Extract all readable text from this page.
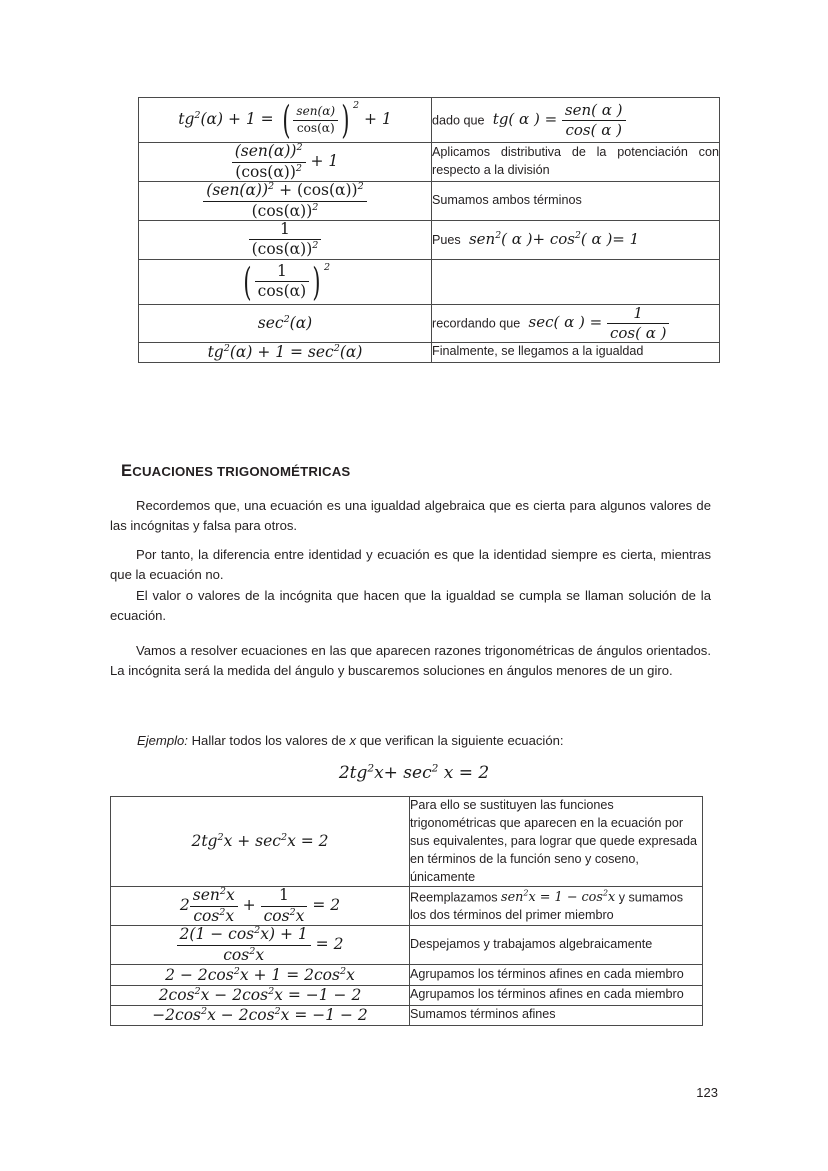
$tg^2(\alpha) + 1$ = ( $\frac{\text{sen(α)}}{\cos(\alpha)}$ ) $^2$ + 1	dado que  tg( α ) = $\frac{\text{sen( α )}}{\cos( \alpha )}$

$\frac{(sen(\alpha))^2}{(\cos(\alpha))^2} + 1$	Aplicamos distributiva de la potenciación con respecto a la división

$\frac{(sen(\alpha))^2 + (\cos(\alpha))^2}{(\cos(\alpha))^2}$	Sumamos ambos términos

$\frac{1}{(\cos(\alpha))^2}$	Pues  sen$^2$( α )+ $\cos^2$( α )= 1
( $\frac{1}{\cos(\alpha)}$ ) $^2$	
$\sec^2(\alpha)$	recordando que  sec( α ) = $\frac{1}{\cos( \alpha )}$

$tg^2(\alpha) + 1 = \sec^2(\alpha)$	Finalmente, se llegamos a la igualdad
ECUACIONES TRIGONOMÉTRICAS

Recordemos que, una ecuación es una igualdad algebraica que es cierta para algunos valores de las incógnitas y falsa para otros.

Por tanto, la diferencia entre identidad y ecuación es que la identidad siempre es cierta, mientras que la ecuación no.

El valor o valores de la incógnita que hacen que la igualdad se cumpla se llaman solución de la ecuación.

Vamos a resolver ecuaciones en las que aparecen razones trigonométricas de ángulos orientados. La incógnita será la medida del ángulo y buscaremos soluciones en ángulos menores de un giro.

Ejemplo: Hallar todos los valores de x que verifican la siguiente ecuación:
$2tg^2x+ \sec^2 x = 2$
$2tg^2x + \sec^2x = 2$	Para ello se sustituyen las funciones trigonométricas que aparecen en la ecuación por sus equivalentes, para lograr que quede expresada en términos de la función seno y coseno, únicamente
$2 \frac{sen^2x}{\cos^2x} + \frac{1}{\cos^2x} = 2$	Reemplazamos $sen^2x = 1 - \cos^2x$ y sumamos los dos términos del primer miembro

$\frac{2(1 - \cos^2x) + 1}{\cos^2x} = 2$	Despejamos y trabajamos algebraicamente
$2 - 2\cos^2x + 1 = 2\cos^2x$	Agrupamos los términos afines en cada miembro
$2\cos^2x - 2\cos^2x = -1 - 2$	Agrupamos los términos afines en cada miembro
$-2\cos^2x - 2\cos^2x = -1 - 2$	Sumamos términos afines
123
